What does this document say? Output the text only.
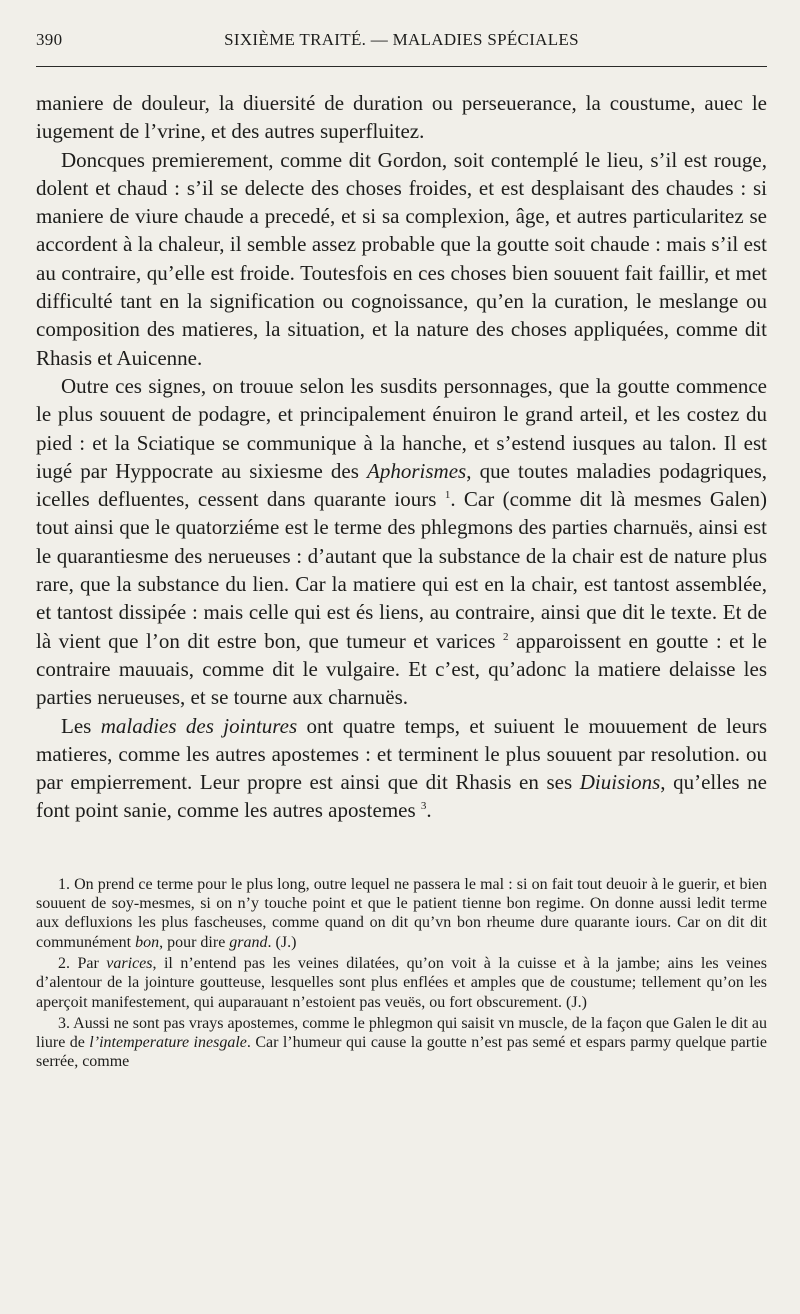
390	SIXIÈME TRAITÉ. — MALADIES SPÉCIALES

maniere de douleur, la diuersité de duration ou perseuerance, la coustume, auec le iugement de l’vrine, et des autres superfluitez.

Doncques premierement, comme dit Gordon, soit contemplé le lieu, s’il est rouge, dolent et chaud : s’il se delecte des choses froides, et est desplaisant des chaudes : si maniere de viure chaude a precedé, et si sa complexion, âge, et autres particularitez se accordent à la chaleur, il semble assez probable que la goutte soit chaude : mais s’il est au contraire, qu’elle est froide. Toutesfois en ces choses bien souuent fait faillir, et met difficulté tant en la signification ou cognoissance, qu’en la curation, le meslange ou composition des matieres, la situation, et la nature des choses appliquées, comme dit Rhasis et Auicenne.

Outre ces signes, on trouue selon les susdits personnages, que la goutte commence le plus souuent de podagre, et principalement énuiron le grand arteil, et les costez du pied : et la Sciatique se communique à la hanche, et s’estend iusques au talon. Il est iugé par Hyppocrate au sixiesme des Aphorismes, que toutes maladies podagriques, icelles defluentes, cessent dans quarante iours $^1$. Car (comme dit là mesmes Galen) tout ainsi que le quatorziéme est le terme des phlegmons des parties charnuës, ainsi est le quarantiesme des nerueuses : d’autant que la substance de la chair est de nature plus rare, que la substance du lien. Car la matiere qui est en la chair, est tantost assemblée, et tantost dissipée : mais celle qui est és liens, au contraire, ainsi que dit le texte. Et de là vient que l’on dit estre bon, que tumeur et varices $^2$ apparoissent en goutte : et le contraire mauuais, comme dit le vulgaire. Et c’est, qu’adonc la matiere delaisse les parties nerueuses, et se tourne aux charnuës.

Les maladies des jointures ont quatre temps, et suiuent le mouuement de leurs matieres, comme les autres apostemes : et terminent le plus souuent par resolution. ou par empierrement. Leur propre est ainsi que dit Rhasis en ses Diuisions, qu’elles ne font point sanie, comme les autres apostemes $^3$.

1. On prend ce terme pour le plus long, outre lequel ne passera le mal : si on fait tout deuoir à le guerir, et bien souuent de soy-mesmes, si on n’y touche point et que le patient tienne bon regime. On donne aussi ledit terme aux defluxions les plus fascheuses, comme quand on dit qu’vn bon rheume dure quarante iours. Car on dit dit communément bon, pour dire grand. (J.)

2. Par varices, il n’entend pas les veines dilatées, qu’on voit à la cuisse et à la jambe; ains les veines d’alentour de la jointure goutteuse, lesquelles sont plus enflées et amples que de coustume; tellement qu’on les aperçoit manifestement, qui auparauant n’estoient pas veuës, ou fort obscurement. (J.)

3. Aussi ne sont pas vrays apostemes, comme le phlegmon qui saisit vn muscle, de la façon que Galen le dit au liure de l’intemperature inesgale. Car l’humeur qui cause la goutte n’est pas semé et espars parmy quelque partie serrée, comme
